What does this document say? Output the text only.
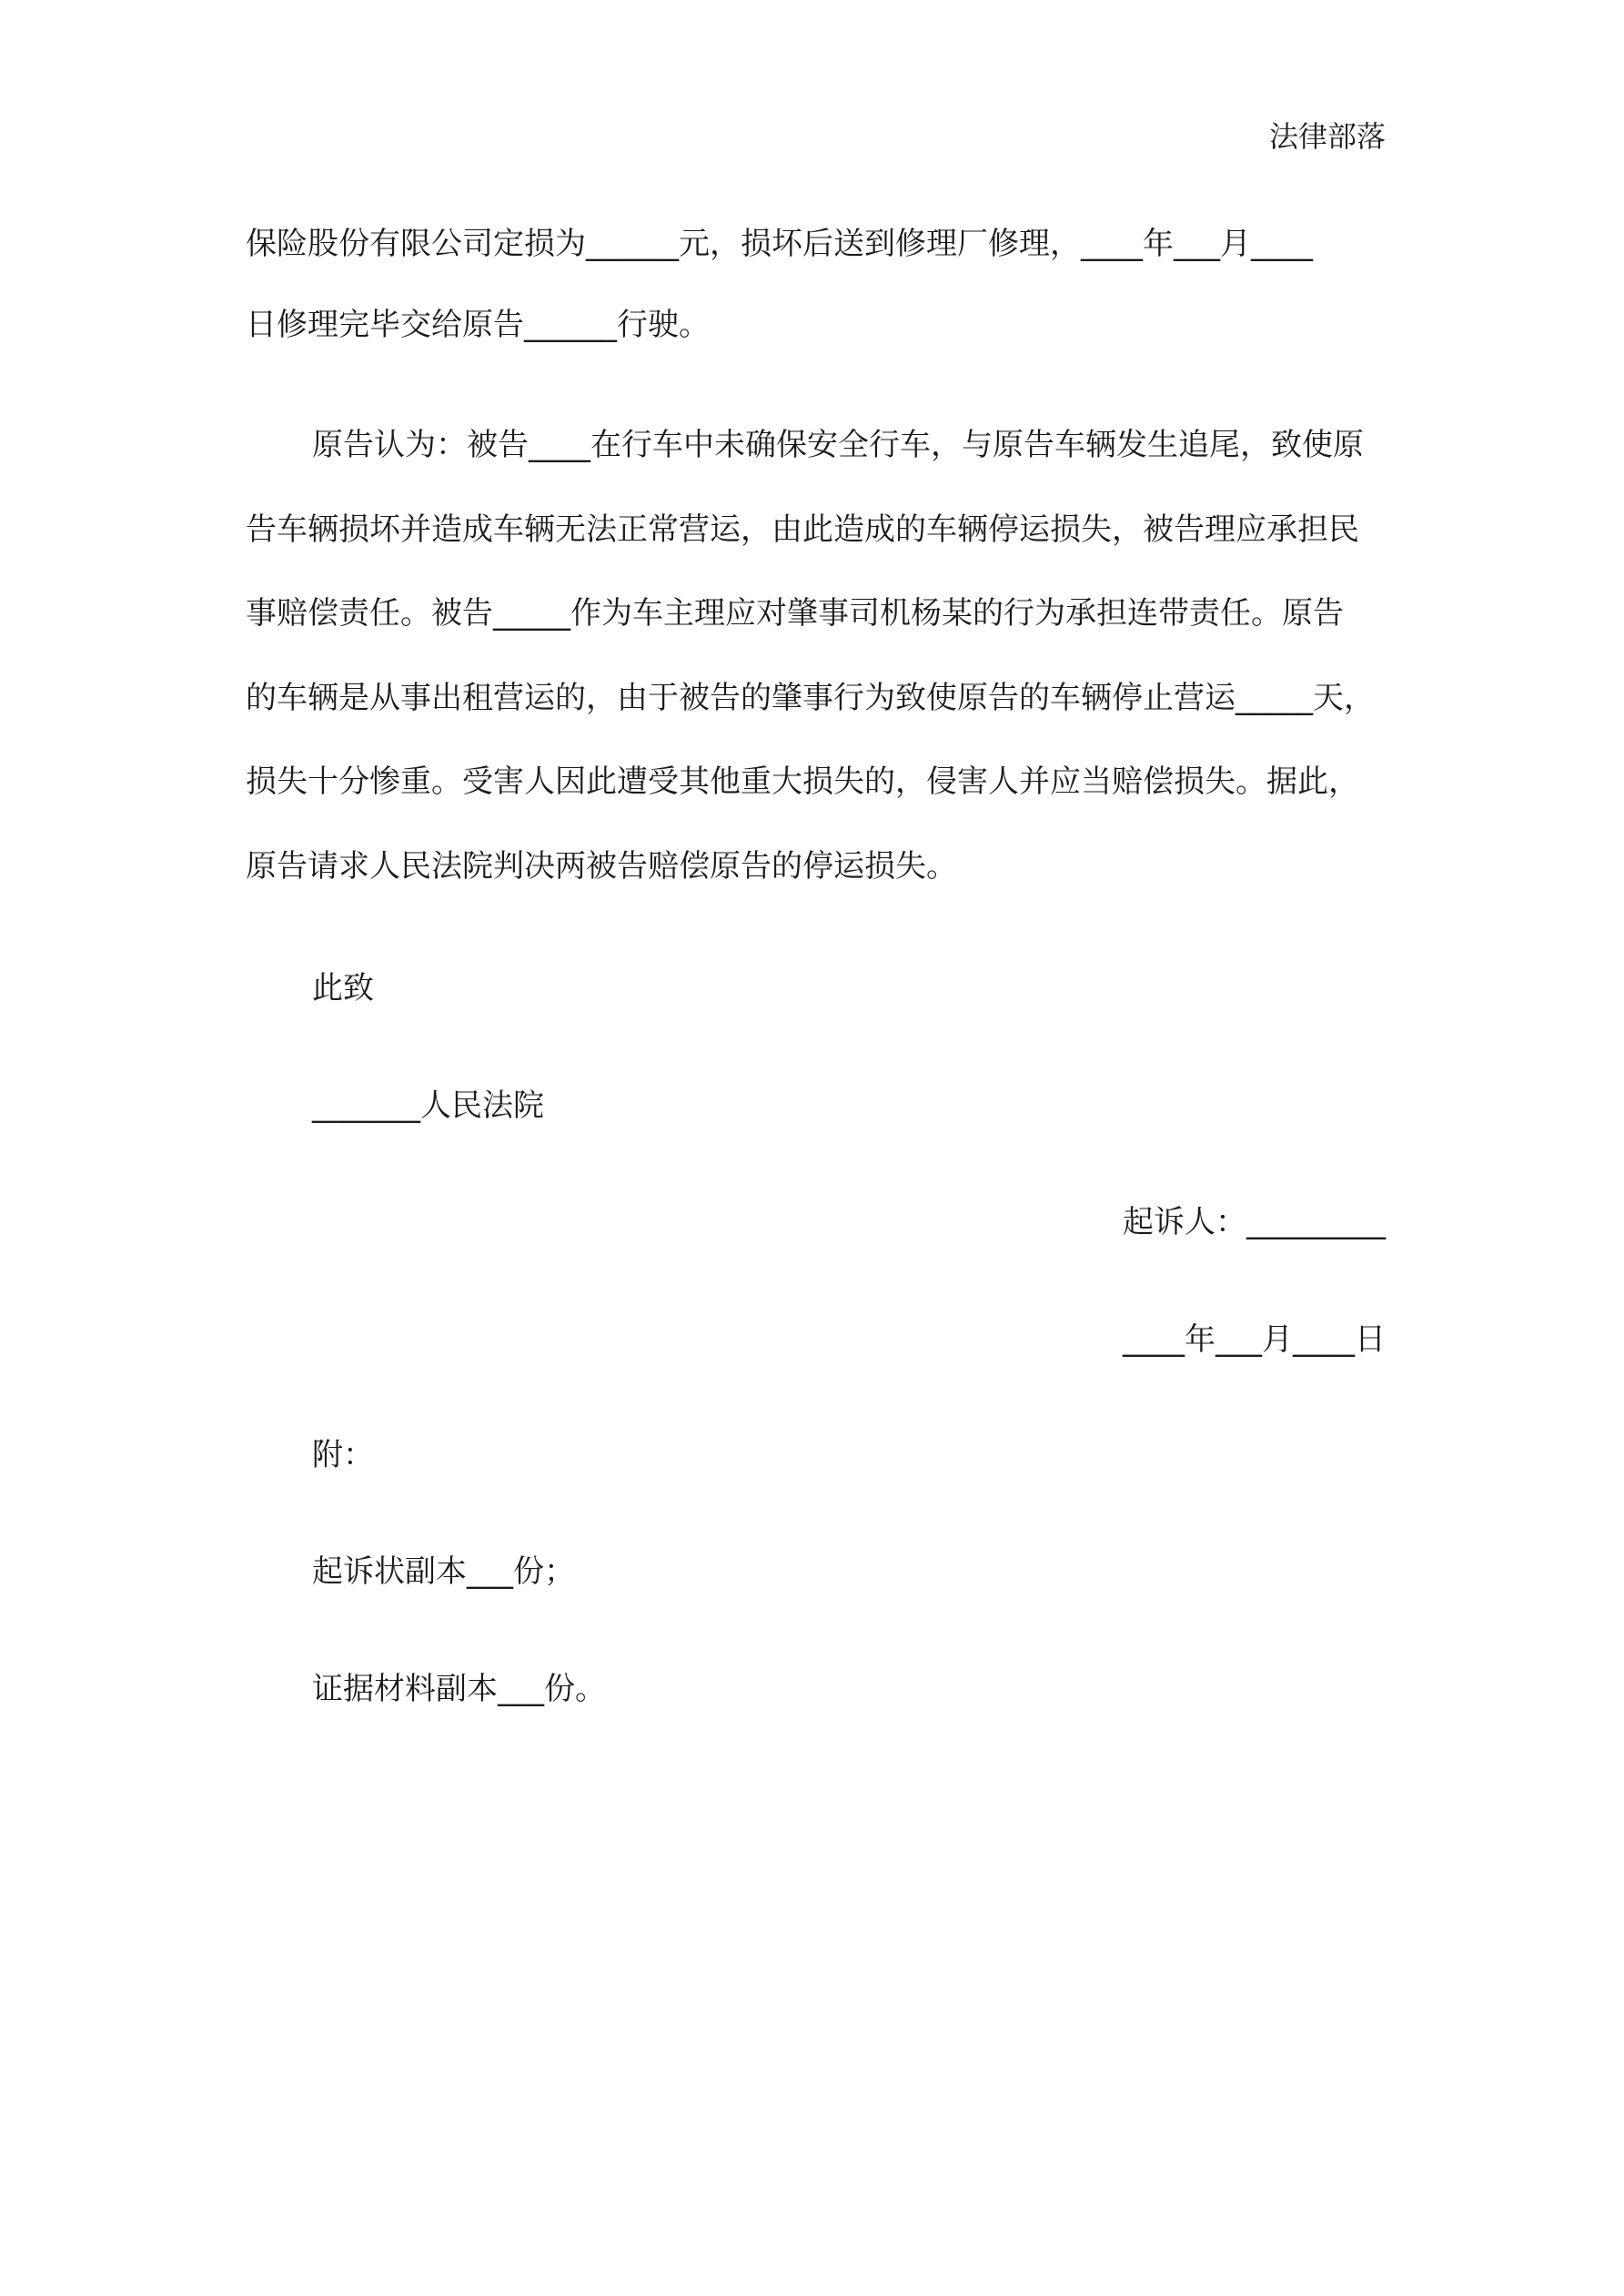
法律部落
保险股份有限公司定损为______元，损坏后送到修理厂修理，____年___月____
日修理完毕交给原告______行驶。
原告认为：被告____在行车中未确保安全行车，与原告车辆发生追尾，致使原
告车辆损坏并造成车辆无法正常营运，由此造成的车辆停运损失，被告理应承担民
事赔偿责任。被告_____作为车主理应对肇事司机杨某的行为承担连带责任。原告
的车辆是从事出租营运的，由于被告的肇事行为致使原告的车辆停止营运_____天，
损失十分惨重。受害人因此遭受其他重大损失的，侵害人并应当赔偿损失。据此，
原告请求人民法院判决两被告赔偿原告的停运损失。
此致
_______人民法院
起诉人：_________
____年___月____日
附：
起诉状副本___份；
证据材料副本___份。
